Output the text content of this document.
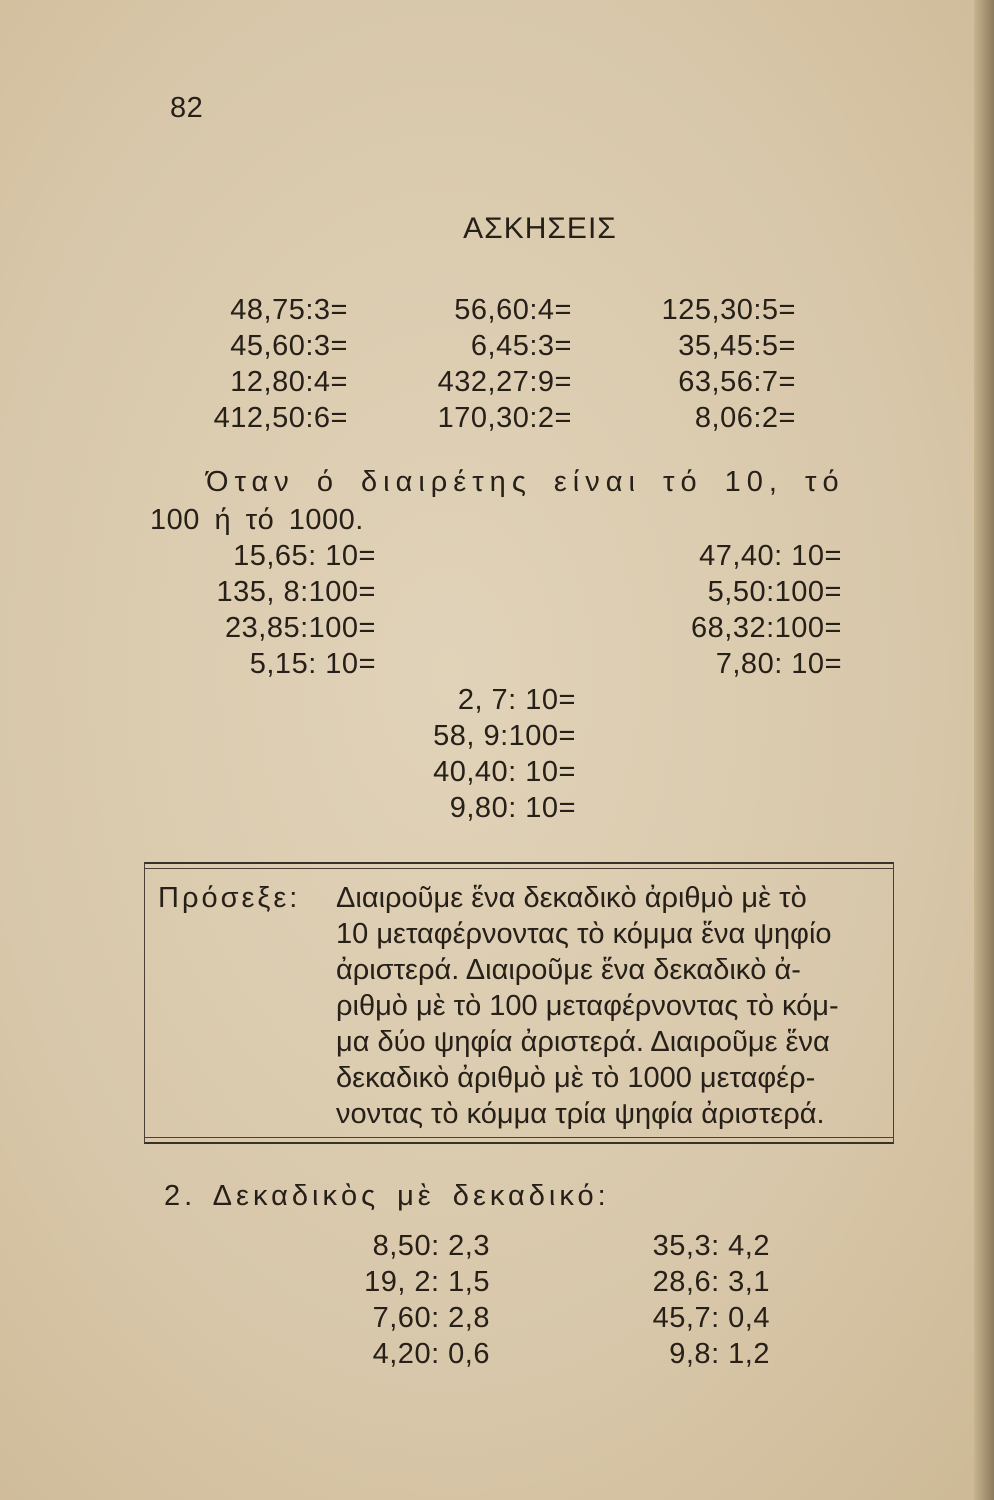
82
ΑΣΚΗΣΕΙΣ
48,75:3=
45,60:3=
12,80:4=
412,50:6=
56,60:4=
6,45:3=
432,27:9=
170,30:2=
125,30:5=
35,45:5=
63,56:7=
8,06:2=
Όταν ό διαιρέτης είναι τό 10, τό
100 ή τό 1000.
15,65: 10=
135, 8:100=
23,85:100=
5,15: 10=
47,40: 10=
5,50:100=
68,32:100=
7,80: 10=
2, 7: 10=
58, 9:100=
40,40: 10=
9,80: 10=
Πρόσεξε: Διαιροῦμε ἕνα δεκαδικὸ ἀριθμὸ μὲ τὸ
10 μεταφέρνοντας τὸ κόμμα ἕνα ψηφίο
ἀριστερά. Διαιροῦμε ἕνα δεκαδικὸ ἀ-
ριθμὸ μὲ τὸ 100 μεταφέρνοντας τὸ κόμ-
μα δύο ψηφία ἀριστερά. Διαιροῦμε ἕνα
δεκαδικὸ ἀριθμὸ μὲ τὸ 1000 μεταφέρ-
νοντας τὸ κόμμα τρία ψηφία ἀριστερά.
2. Δεκαδικὸς μὲ δεκαδικό:
8,50: 2,3
19, 2: 1,5
7,60: 2,8
4,20: 0,6
35,3: 4,2
28,6: 3,1
45,7: 0,4
9,8: 1,2
